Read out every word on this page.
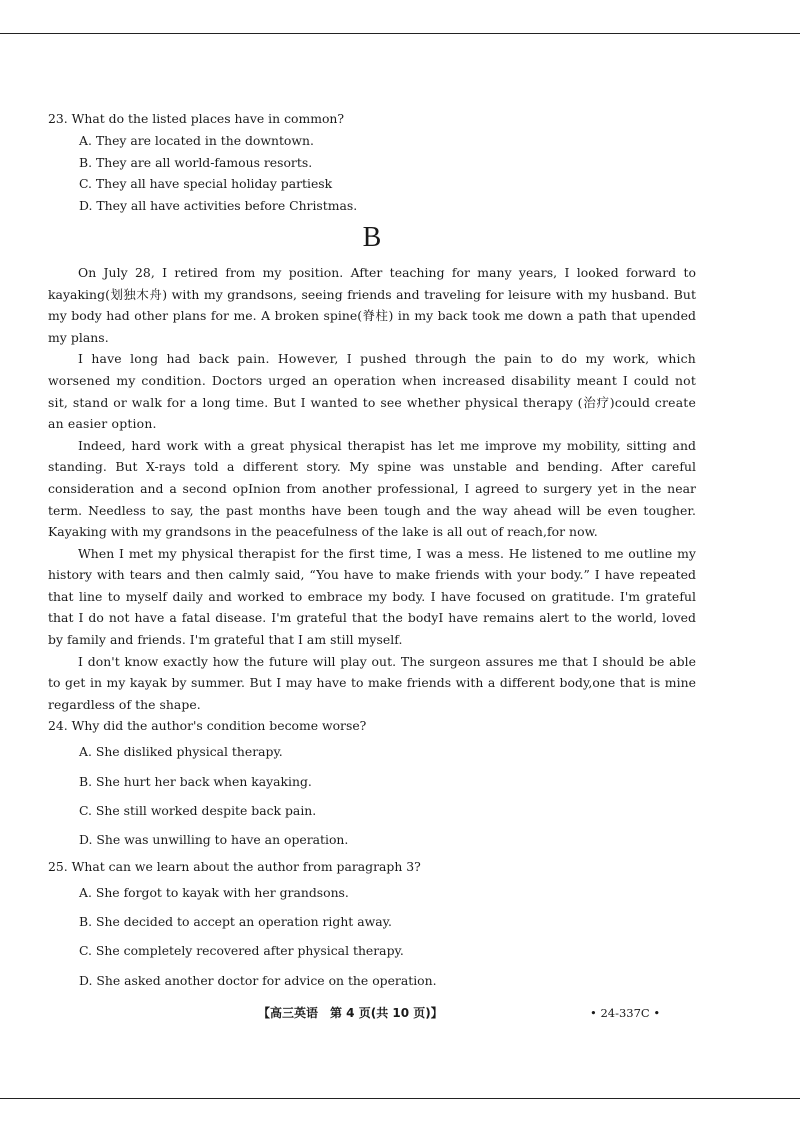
23. What do the listed places have in common?
A. They are located in the downtown.
B. They are all world-famous resorts.
C. They all have special holiday partiesk
D. They all have activities before Christmas.
B

On July 28, I retired from my position. After teaching for many years, I looked forward to kayaking(划独木舟) with my grandsons, seeing friends and traveling for leisure with my husband. But my body had other plans for me. A broken spine(脊柱) in my back took me down a path that upended my plans.

I have long had back pain. However, I pushed through the pain to do my work, which worsened my condition. Doctors urged an operation when increased disability meant I could not sit, stand or walk for a long time. But I wanted to see whether physical therapy (治疗)could create an easier option.

Indeed, hard work with a great physical therapist has let me improve my mobility, sitting and standing. But X-rays told a different story. My spine was unstable and bending. After careful consideration and a second opInion from another professional, I agreed to surgery yet in the near term. Needless to say, the past months have been tough and the way ahead will be even tougher. Kayaking with my grandsons in the peacefulness of the lake is all out of reach,for now.

When I met my physical therapist for the first time, I was a mess. He listened to me outline my history with tears and then calmly said, “You have to make friends with your body.” I have repeated that line to myself daily and worked to embrace my body. I have focused on gratitude. I'm grateful that I do not have a fatal disease. I'm grateful that the bodyI have remains alert to the world, loved by family and friends. I'm grateful that I am still myself.

I don't know exactly how the future will play out. The surgeon assures me that I should be able to get in my kayak by summer. But I may have to make friends with a different body,one that is mine regardless of the shape.

24. Why did the author's condition become worse?
A. She disliked physical therapy.
B. She hurt her back when kayaking.
C. She still worked despite back pain.
D. She was unwilling to have an operation.
25. What can we learn about the author from paragraph 3?
A. She forgot to kayak with her grandsons.
B. She decided to accept an operation right away.
C. She completely recovered after physical therapy.
D. She asked another doctor for advice on the operation.
【高三英语　第 4 页(共 10 页)】	• 24-337C •
